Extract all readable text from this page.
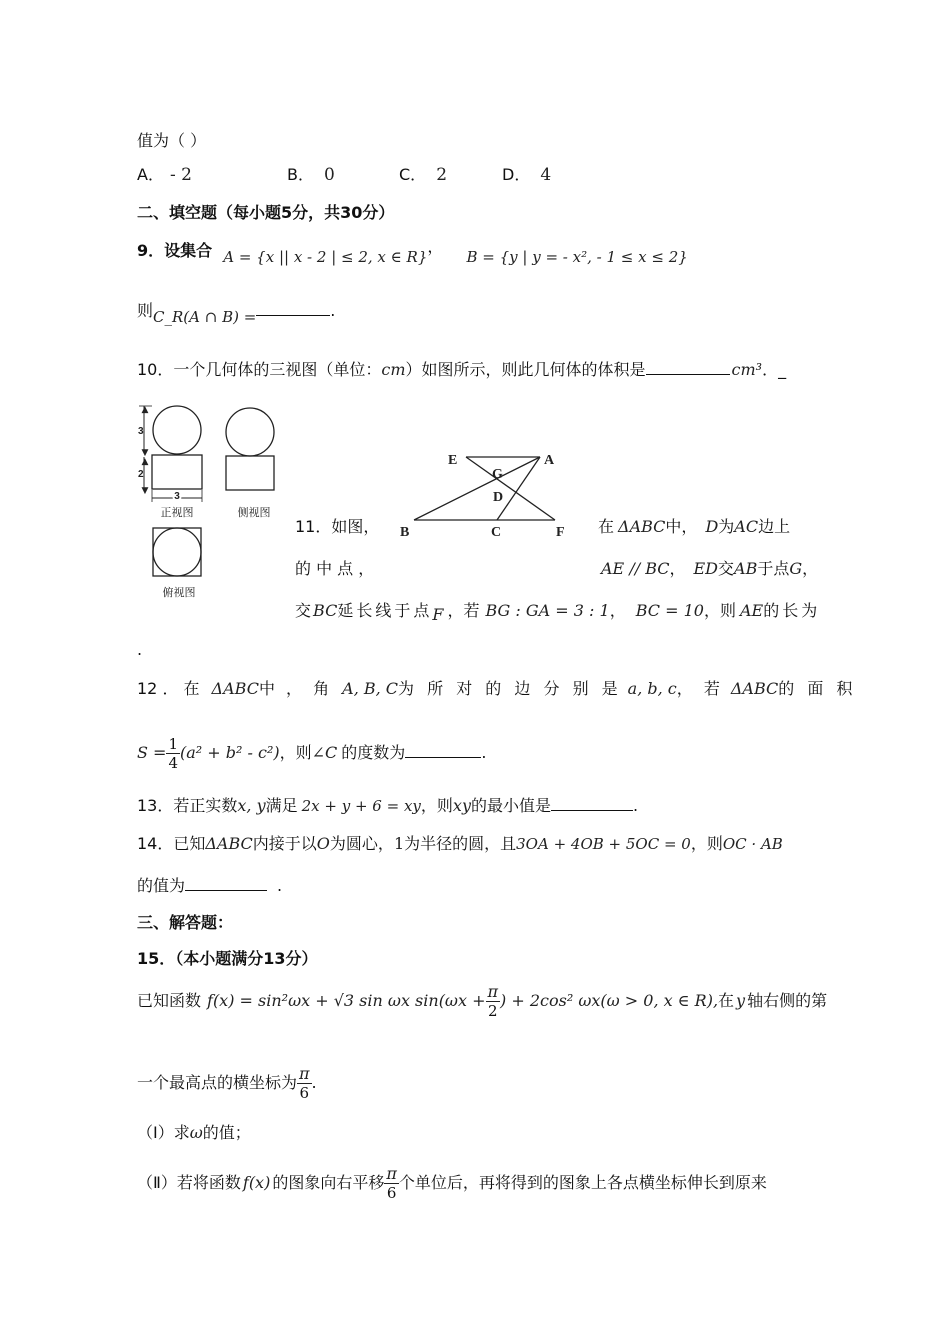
值为（ ）
A． - 2	B． 0	C． 2	D． 4
二、填空题（每小题5分，共30分）
9．设集合 A = {x || x - 2 | ≤ 2, x ∈ R}， B = {y | y = - x², - 1 ≤ x ≤ 2}
则C_R(A ∩ B) =	.
10．一个几何体的三视图（单位：cm）如图所示，则此几何体的体积是	cm³．_
▲
▼
▲
▼
3
2
3
正视图	侧视图
俯视图
E
G
A
D
B	C	F
11．如图，	在 ΔABC中， D为AC边上
的 中 点 ，	AE // BC， ED交AB于点G，
交 BC延长线于点F ，若 BG : GA = 3 : 1， BC = 10，则 AE的长为
.
12 ． 在 ΔABC中 ， 角 A, B, C为 所 对 的 边 分 别 是 a, b, c， 若 ΔABC的 面 积
$S = \frac{1}{4} (a^2 + b^2 - c^2)$，则∠C 的度数为	.
13．若正实数x, y满足 2x + y + 6 = xy，则xy的最小值是	.
14．已知ΔABC内接于以O为圆心，1为半径的圆，且3OA + 4OB + 5OC = 0，则OC · AB
的值为	.
三、解答题：
15．（本小题满分13分）
已知函数 f(x) = sin²ωx + √3 sin ωx $\sin(\omega x + \frac{\pi}{2}$ ) + 2cos² ωx(ω > 0, x ∈ R),在 y 轴右侧的第
一个最高点的横坐标为 $\frac{\pi}{6}$ .
（Ⅰ）求ω的值；
（Ⅱ）若将函数 f(x) 的图象向右平移 $\frac{\pi}{6}$ 个单位后，再将得到的图象上各点横坐标伸长到原来
